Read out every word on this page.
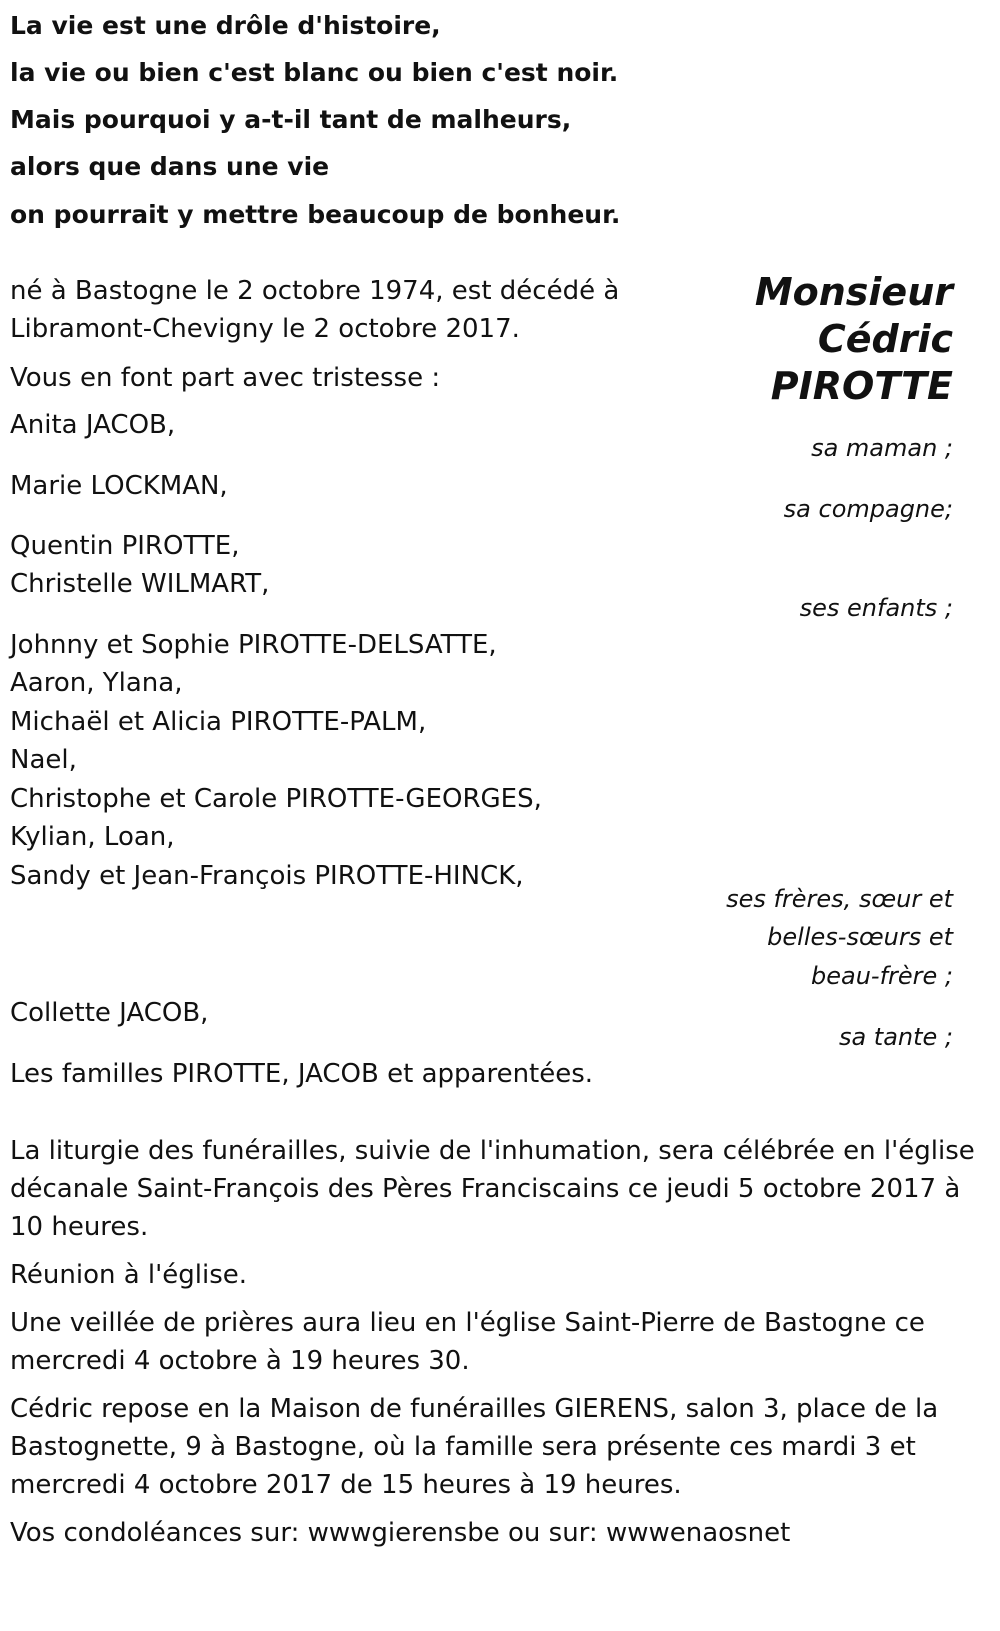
La vie est une drôle d'histoire,
la vie ou bien c'est blanc ou bien c'est noir.
Mais pourquoi y a-t-il tant de malheurs,
alors que dans une vie
on pourrait y mettre beaucoup de bonheur.
Monsieur
Cédric
PIROTTE
né à Bastogne le 2 octobre 1974, est décédé à
Libramont-Chevigny le 2 octobre 2017.
Vous en font part avec tristesse :
Anita JACOB,
sa maman ;
Marie LOCKMAN,
sa compagne;
Quentin PIROTTE,
Christelle WILMART,
ses enfants ;
Johnny et Sophie PIROTTE-DELSATTE,
Aaron, Ylana,
Michaël et Alicia PIROTTE-PALM,
Nael,
Christophe et Carole PIROTTE-GEORGES,
Kylian, Loan,
Sandy et Jean-François PIROTTE-HINCK,
ses frères, sœur et
belles-sœurs et
beau-frère ;
Collette JACOB,
sa tante ;
Les familles PIROTTE, JACOB et apparentées.
La liturgie des funérailles, suivie de l'inhumation, sera célébrée en l'église
décanale Saint-François des Pères Franciscains ce jeudi 5 octobre 2017 à
10 heures.
Réunion à l'église.
Une veillée de prières aura lieu en l'église Saint-Pierre de Bastogne ce
mercredi 4 octobre à 19 heures 30.
Cédric repose en la Maison de funérailles GIERENS, salon 3, place de la
Bastognette, 9 à Bastogne, où la famille sera présente ces mardi 3 et
mercredi 4 octobre 2017 de 15 heures à 19 heures.
Vos condoléances sur: wwwgierensbe ou sur: wwwenaosnet
